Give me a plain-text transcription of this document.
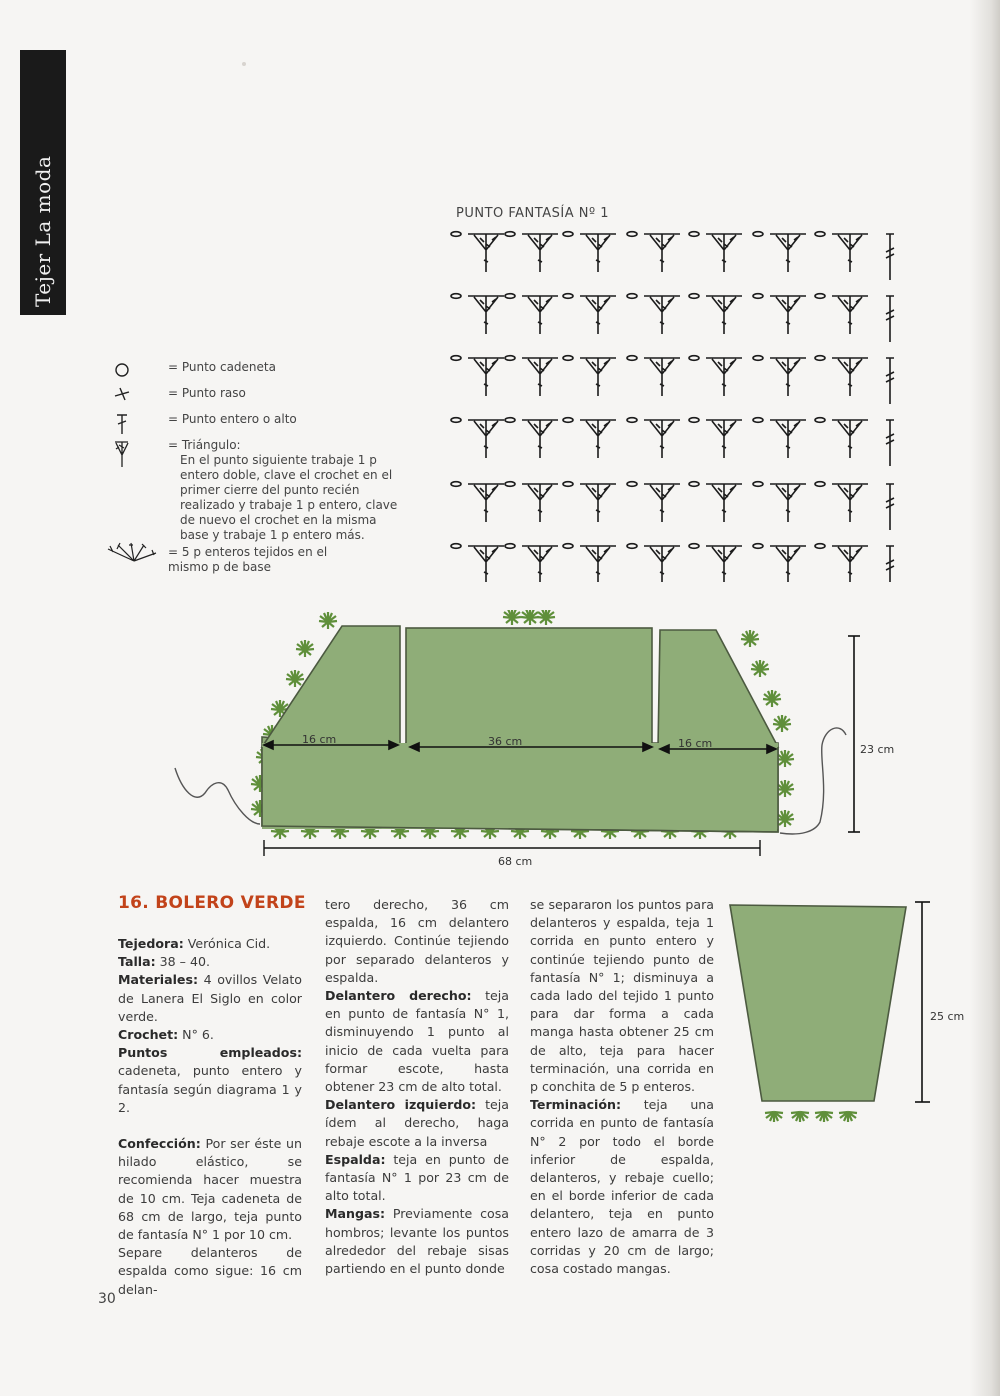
Tejer La moda
= Punto cadeneta
= Punto raso
= Punto entero o alto
= Triángulo:

En el punto siguiente trabaje 1 p entero doble, clave el crochet en el primer cierre del punto recién realizado y trabaje 1 p entero, clave de nuevo el crochet en la misma base y trabaje 1 p entero más.
= 5 p enteros tejidos en el mismo p de base
PUNTO FANTASÍA Nº 1
16 cm	36 cm	16 cm
68 cm
23 cm
25 cm
16. BOLERO VERDE
Tejedora: Verónica Cid.
Talla: 38 – 40.
Materiales: 4 ovillos Velato de Lanera El Siglo en color verde.
Crochet: N° 6.
Puntos empleados: cadeneta, punto entero y fantasía según diagrama 1 y 2.
Confección: Por ser éste un hilado elástico, se recomienda hacer muestra de 10 cm. Teja cadeneta de 68 cm de largo, teja punto de fantasía N° 1 por 10 cm.
Separe delanteros de espalda como sigue: 16 cm delan-
tero derecho, 36 cm espalda, 16 cm delantero izquierdo. Continúe tejiendo por separado delanteros y espalda.
Delantero derecho: teja en punto de fantasía N° 1, disminuyendo 1 punto al inicio de cada vuelta para formar escote, hasta obtener 23 cm de alto total.
Delantero izquierdo: teja ídem al derecho, haga rebaje escote a la inversa
Espalda: teja en punto de fantasía N° 1 por 23 cm de alto total.
Mangas: Previamente cosa hombros; levante los puntos alrededor del rebaje sisas partiendo en el punto donde
se separaron los puntos para delanteros y espalda, teja 1 corrida en punto entero y continúe tejiendo punto de fantasía N° 1; disminuya a cada lado del tejido 1 punto para dar forma a cada manga hasta obtener 25 cm de alto, teja para hacer terminación, una corrida en p conchita de 5 p enteros.
Terminación: teja una corrida en punto de fantasía N° 2 por todo el borde inferior de espalda, delanteros, y rebaje cuello; en el borde inferior de cada delantero, teja en punto entero lazo de amarra de 3 corridas y 20 cm de largo; cosa costado mangas.
30
